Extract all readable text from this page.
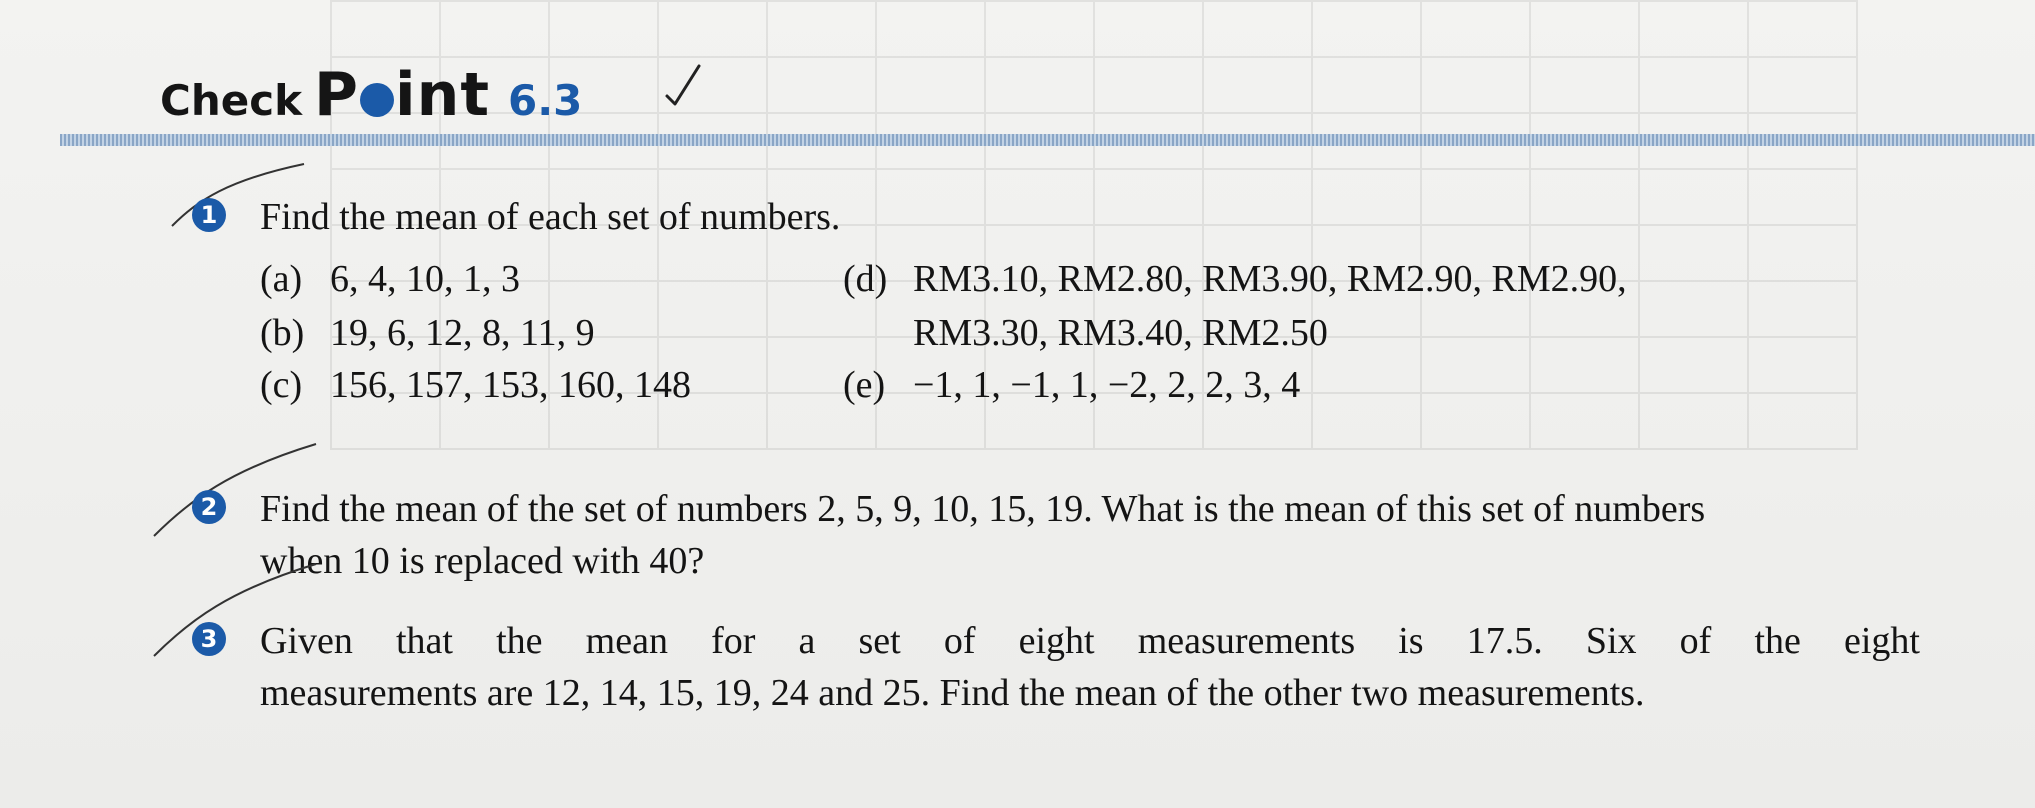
Check P int 6.3
1 Find the mean of each set of numbers.
(a) 6, 4, 10, 1, 3
(b) 19, 6, 12, 8, 11, 9
(c) 156, 157, 153, 160, 148
(d) RM3.10, RM2.80, RM3.90, RM2.90, RM2.90,
RM3.30, RM3.40, RM2.50
(e) −1, 1, −1, 1, −2, 2, 2, 3, 4
2 Find the mean of the set of numbers 2, 5, 9, 10, 15, 19. What is the mean of this set of numbers
when 10 is replaced with 40?
3 Given that the mean for a set of eight measurements is 17.5. Six of the eight
measurements are 12, 14, 15, 19, 24 and 25. Find the mean of the other two measurements.
